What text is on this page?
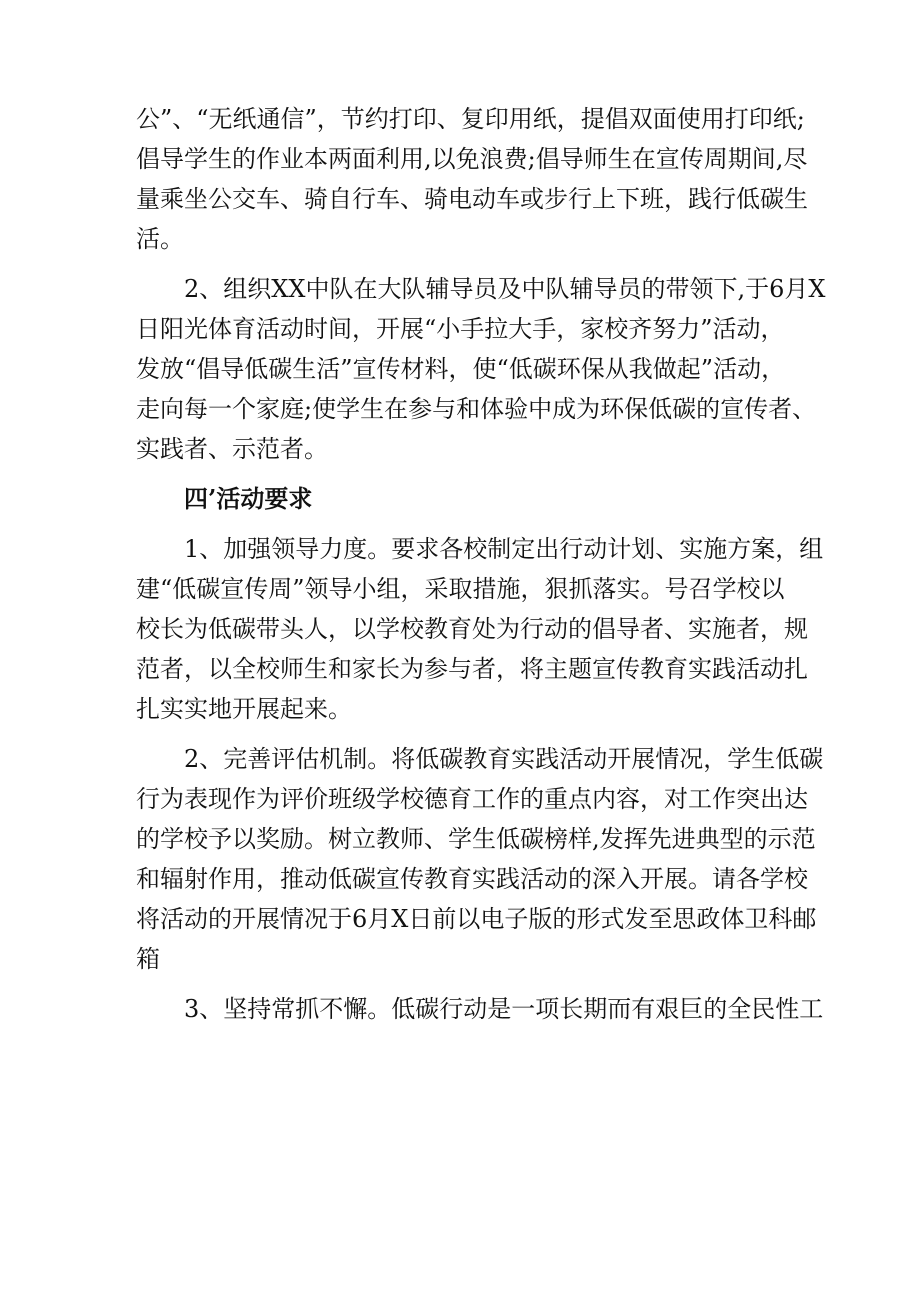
公”、“无纸通信”，节约打印、复印用纸，提倡双面使用打印纸;
倡导学生的作业本两面利用,以免浪费;倡导师生在宣传周期间,尽
量乘坐公交车、骑自行车、骑电动车或步行上下班，践行低碳生
活。
2、组织XX中队在大队辅导员及中队辅导员的带领下,于6月X
日阳光体育活动时间，开展“小手拉大手，家校齐努力”活动，
发放“倡导低碳生活”宣传材料，使“低碳环保从我做起”活动，
走向每一个家庭;使学生在参与和体验中成为环保低碳的宣传者、
实践者、示范者。
四’活动要求
1、加强领导力度。要求各校制定出行动计划、实施方案，组
建“低碳宣传周”领导小组，采取措施，狠抓落实。号召学校以
校长为低碳带头人，以学校教育处为行动的倡导者、实施者，规
范者，以全校师生和家长为参与者，将主题宣传教育实践活动扎
扎实实地开展起来。
2、完善评估机制。将低碳教育实践活动开展情况，学生低碳
行为表现作为评价班级学校德育工作的重点内容，对工作突出达
的学校予以奖励。树立教师、学生低碳榜样,发挥先进典型的示范
和辐射作用，推动低碳宣传教育实践活动的深入开展。请各学校
将活动的开展情况于6月X日前以电子版的形式发至思政体卫科邮
箱
3、坚持常抓不懈。低碳行动是一项长期而有艰巨的全民性工
